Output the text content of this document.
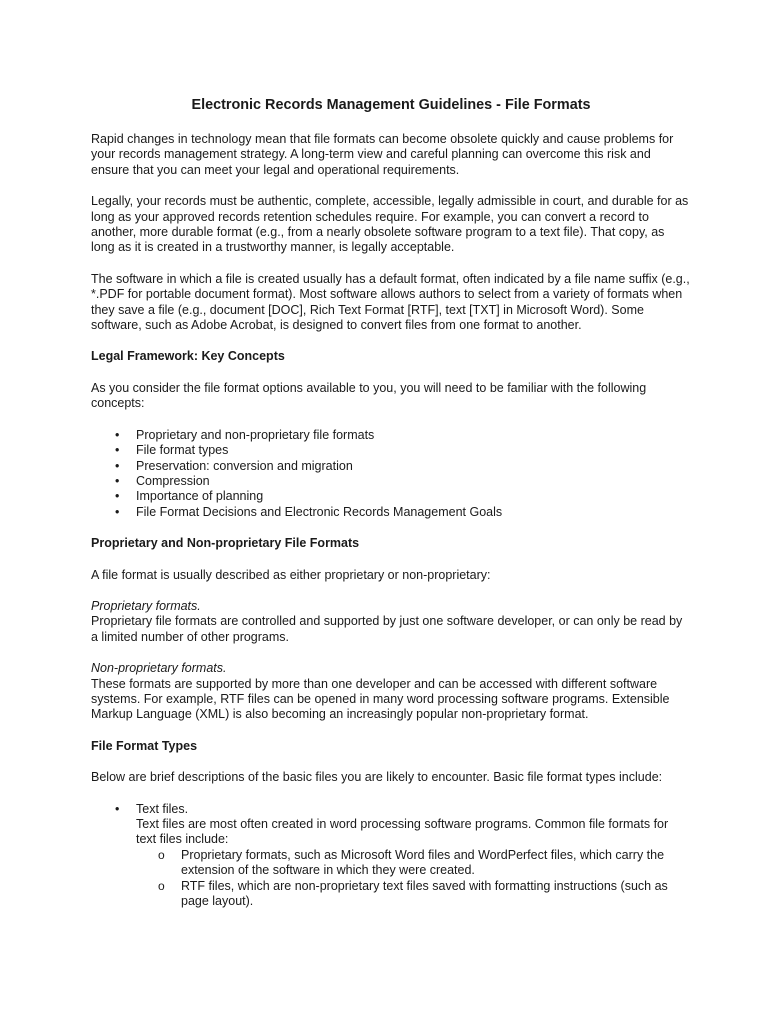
Electronic Records Management Guidelines - File Formats

Rapid changes in technology mean that file formats can become obsolete quickly and cause problems for your records management strategy. A long-term view and careful planning can overcome this risk and ensure that you can meet your legal and operational requirements.

Legally, your records must be authentic, complete, accessible, legally admissible in court, and durable for as long as your approved records retention schedules require. For example, you can convert a record to another, more durable format (e.g., from a nearly obsolete software program to a text file). That copy, as long as it is created in a trustworthy manner, is legally acceptable.

The software in which a file is created usually has a default format, often indicated by a file name suffix (e.g., *.PDF for portable document format). Most software allows authors to select from a variety of formats when they save a file (e.g., document [DOC], Rich Text Format [RTF], text [TXT] in Microsoft Word). Some software, such as Adobe Acrobat, is designed to convert files from one format to another.

Legal Framework: Key Concepts

As you consider the file format options available to you, you will need to be familiar with the following concepts:

• Proprietary and non-proprietary file formats
• File format types
• Preservation: conversion and migration
• Compression
• Importance of planning
• File Format Decisions and Electronic Records Management Goals

Proprietary and Non-proprietary File Formats

A file format is usually described as either proprietary or non-proprietary:

Proprietary formats.

Proprietary file formats are controlled and supported by just one software developer, or can only be read by a limited number of other programs.

Non-proprietary formats.

These formats are supported by more than one developer and can be accessed with different software systems. For example, RTF files can be opened in many word processing software programs. Extensible Markup Language (XML) is also becoming an increasingly popular non-proprietary format.

File Format Types

Below are brief descriptions of the basic files you are likely to encounter. Basic file format types include:

• Text files.

Text files are most often created in word processing software programs. Common file formats for text files include:

o Proprietary formats, such as Microsoft Word files and WordPerfect files, which carry the extension of the software in which they were created.
o RTF files, which are non-proprietary text files saved with formatting instructions (such as page layout).
